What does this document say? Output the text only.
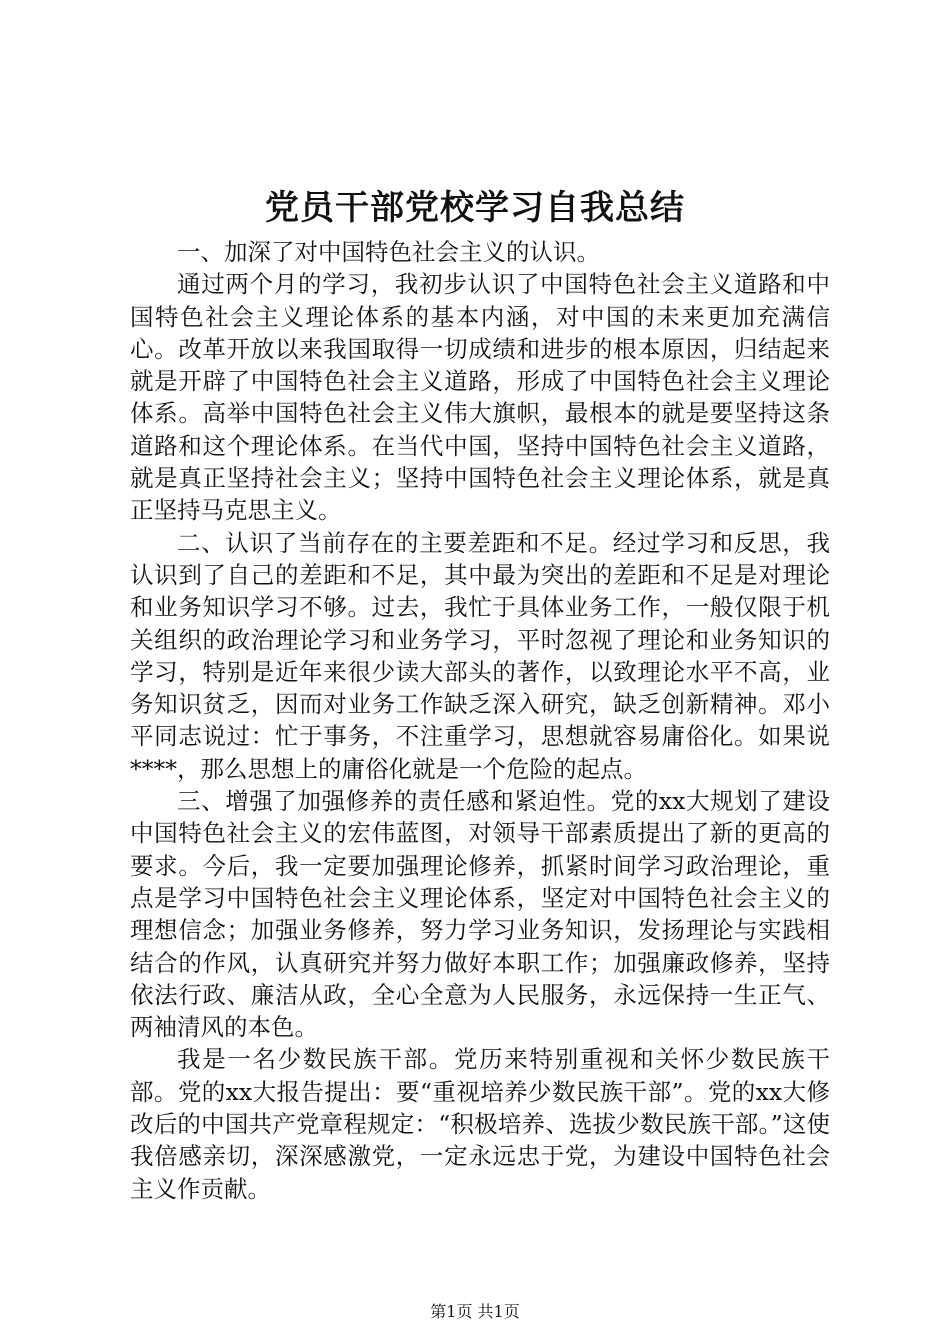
党员干部党校学习自我总结

一、加深了对中国特色社会主义的认识。

通过两个月的学习，我初步认识了中国特色社会主义道路和中国特色社会主义理论体系的基本内涵，对中国的未来更加充满信心。改革开放以来我国取得一切成绩和进步的根本原因，归结起来就是开辟了中国特色社会主义道路，形成了中国特色社会主义理论体系。高举中国特色社会主义伟大旗帜，最根本的就是要坚持这条道路和这个理论体系。在当代中国，坚持中国特色社会主义道路，就是真正坚持社会主义；坚持中国特色社会主义理论体系，就是真正坚持马克思主义。

二、认识了当前存在的主要差距和不足。经过学习和反思，我认识到了自己的差距和不足，其中最为突出的差距和不足是对理论和业务知识学习不够。过去，我忙于具体业务工作，一般仅限于机关组织的政治理论学习和业务学习，平时忽视了理论和业务知识的学习，特别是近年来很少读大部头的著作，以致理论水平不高，业务知识贫乏，因而对业务工作缺乏深入研究，缺乏创新精神。邓小平同志说过：忙于事务，不注重学习，思想就容易庸俗化。如果说****，那么思想上的庸俗化就是一个危险的起点。

三、增强了加强修养的责任感和紧迫性。党的xx大规划了建设中国特色社会主义的宏伟蓝图，对领导干部素质提出了新的更高的要求。今后，我一定要加强理论修养，抓紧时间学习政治理论，重点是学习中国特色社会主义理论体系，坚定对中国特色社会主义的理想信念；加强业务修养，努力学习业务知识，发扬理论与实践相结合的作风，认真研究并努力做好本职工作；加强廉政修养，坚持依法行政、廉洁从政，全心全意为人民服务，永远保持一生正气、两袖清风的本色。

我是一名少数民族干部。党历来特别重视和关怀少数民族干部。党的xx大报告提出：要“重视培养少数民族干部”。党的xx大修改后的中国共产党章程规定：“积极培养、选拔少数民族干部。”这使我倍感亲切，深深感激党，一定永远忠于党，为建设中国特色社会主义作贡献。

第1页 共1页
